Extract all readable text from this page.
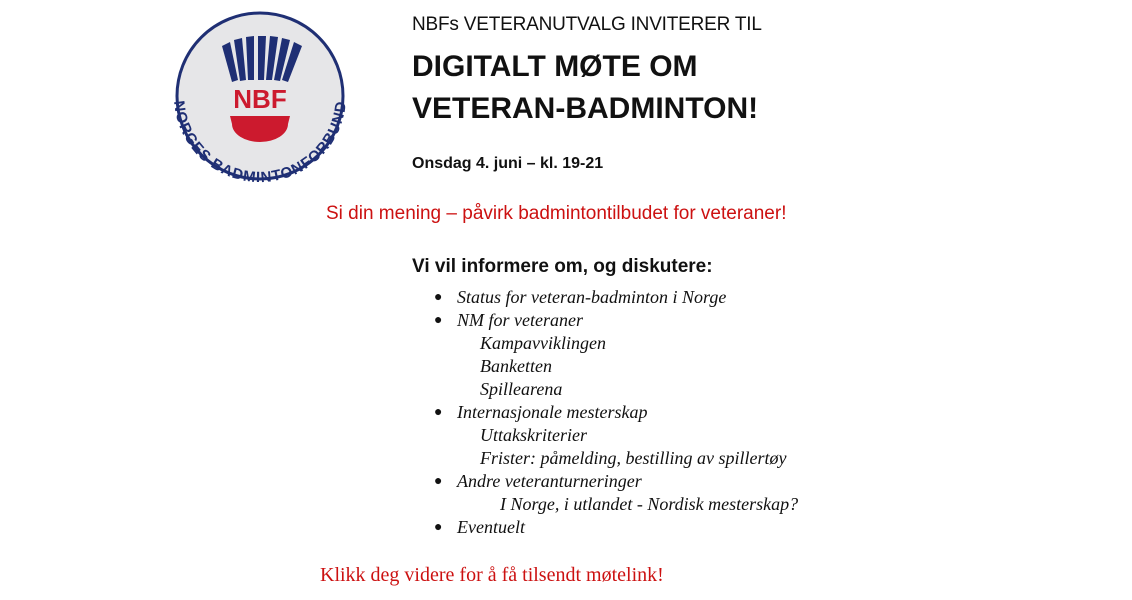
NBF
NORGES BADMINTONFORBUND
NBFs VETERANUTVALG INVITERER TIL
DIGITALT MØTE OM
VETERAN-BADMINTON!
Onsdag 4. juni – kl. 19-21
Si din mening – påvirk badmintontilbudet for veteraner!
Vi vil informere om, og diskutere:
● Status for veteran-badminton i Norge
● NM for veteraner
Kampavviklingen
Banketten
Spillearena
● Internasjonale mesterskap
Uttakskriterier
Frister: påmelding, bestilling av spillertøy
● Andre veteranturneringer
I Norge, i utlandet - Nordisk mesterskap?
● Eventuelt
Klikk deg videre for å få tilsendt møtelink!
